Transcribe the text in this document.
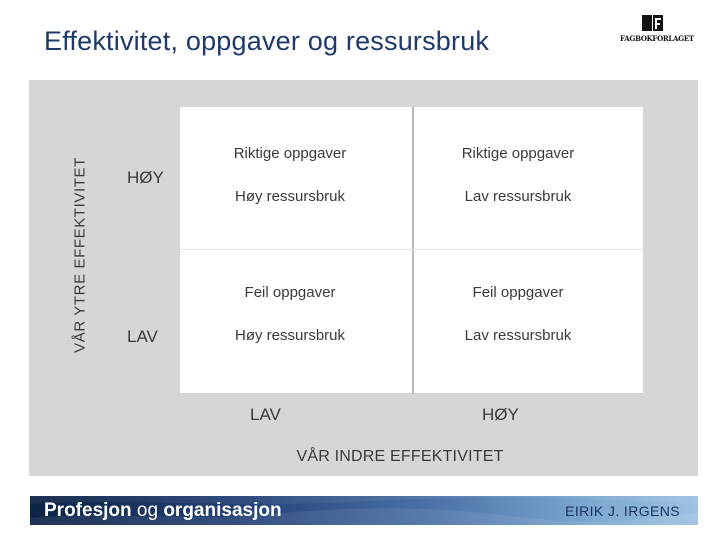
Effektivitet, oppgaver og ressursbruk	FAGBOKFORLAGET
VÅR YTRE EFFEKTIVITET HØY
LAV
Riktige oppgaver
Høy ressursbruk
Riktige oppgaver
Lav ressursbruk
Feil oppgaver
Høy ressursbruk
Feil oppgaver
Lav ressursbruk
LAV	HØY
VÅR INDRE EFFEKTIVITET
Profesjon og organisasjon	EIRIK J. IRGENS
